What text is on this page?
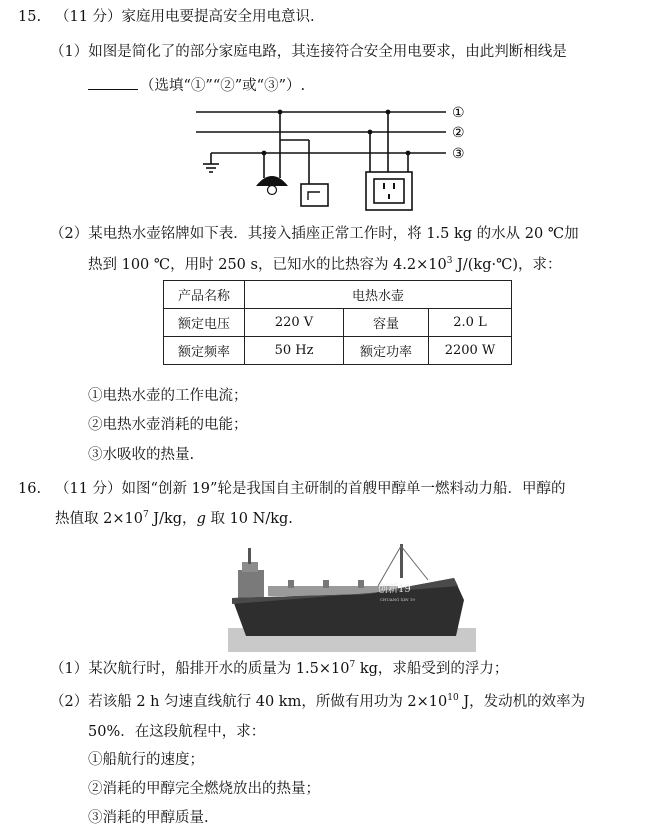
15. （11 分）家庭用电要提高安全用电意识.
（1）如图是简化了的部分家庭电路，其连接符合安全用电要求，由此判断相线是
（选填“①”“②”或“③”）.
①
②
③
（2）某电热水壶铭牌如下表．其接入插座正常工作时，将 1.5 kg 的水从 20 ℃加
热到 100 ℃，用时 250 s，已知水的比热容为 $4.2\times 10^3$ J/(kg·℃)，求：
产品名称	电热水壶		
额定电压	220 V	容量	2.0 L
额定频率	50 Hz	额定功率	2200 W
①电热水壶的工作电流；
②电热水壶消耗的电能；
③水吸收的热量.
16. （11 分）如图“创新 19”轮是我国自主研制的首艘甲醇单一燃料动力船．甲醇的
热值取 $2\times 10^7$ J/kg，g 取 10 N/kg.
创新19
CHUANG XIN 19
（1）某次航行时，船排开水的质量为 $1.5\times 10^7$ kg，求船受到的浮力；
（2）若该船 2 h 匀速直线航行 40 km，所做有用功为 $2\times 10^{10}$ J，发动机的效率为
50%．在这段航程中，求：
①船航行的速度；
②消耗的甲醇完全燃烧放出的热量；
③消耗的甲醇质量.
